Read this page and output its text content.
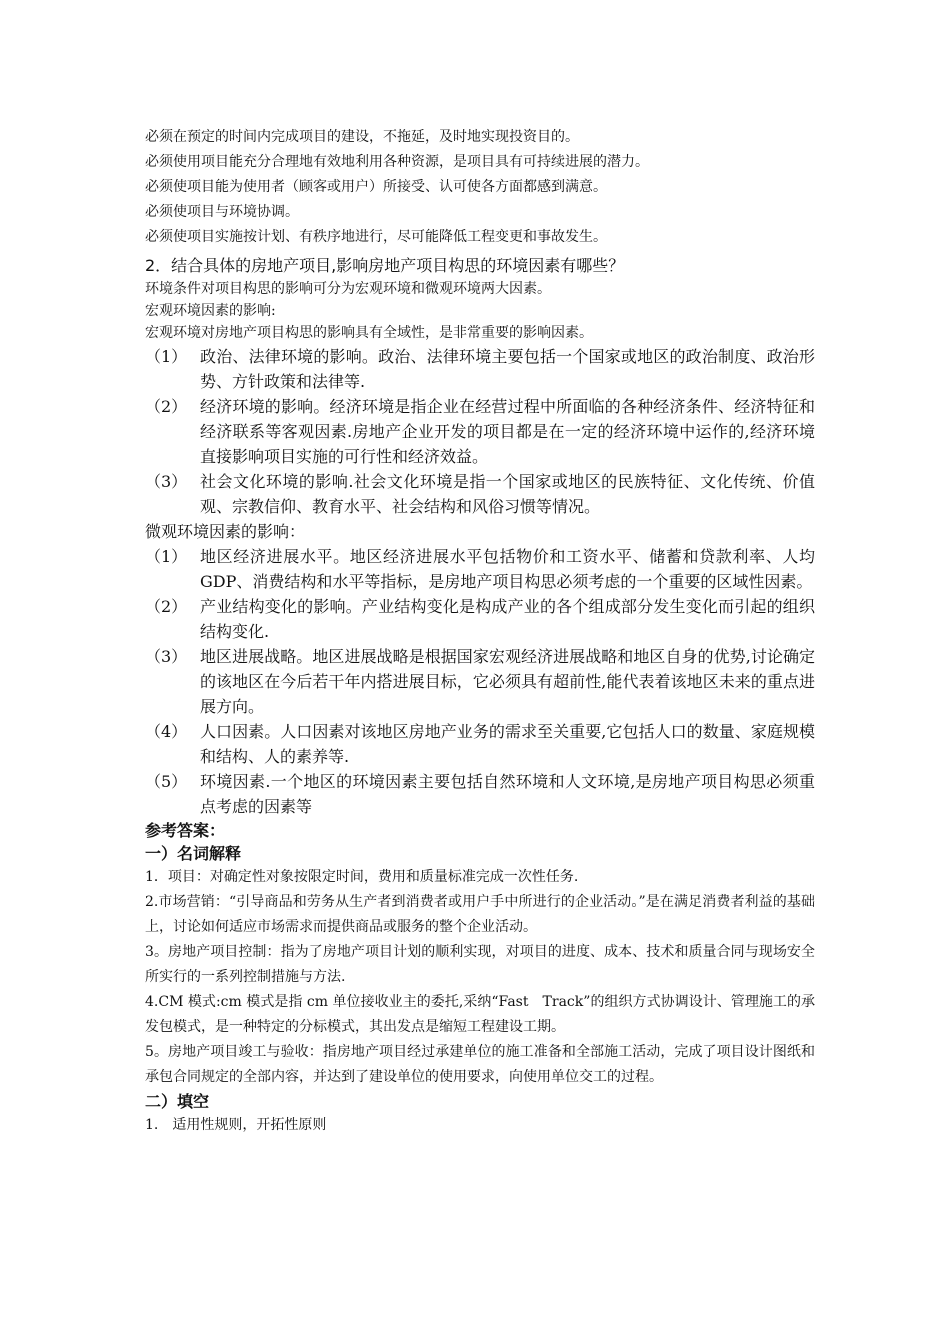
必须在预定的时间内完成项目的建设，不拖延，及时地实现投资目的。

必须使用项目能充分合理地有效地利用各种资源，是项目具有可持续进展的潜力。

必须使项目能为使用者（顾客或用户）所接受、认可使各方面都感到满意。

必须使项目与环境协调。

必须使项目实施按计划、有秩序地进行，尽可能降低工程变更和事故发生。

2．结合具体的房地产项目,影响房地产项目构思的环境因素有哪些？

环境条件对项目构思的影响可分为宏观环境和微观环境两大因素。

宏观环境因素的影响:

宏观环境对房地产项目构思的影响具有全域性，是非常重要的影响因素。

（1） 政治、法律环境的影响。政治、法律环境主要包括一个国家或地区的政治制度、政治形势、方针政策和法律等.
（2） 经济环境的影响。经济环境是指企业在经营过程中所面临的各种经济条件、经济特征和经济联系等客观因素.房地产企业开发的项目都是在一定的经济环境中运作的,经济环境直接影响项目实施的可行性和经济效益。
（3） 社会文化环境的影响.社会文化环境是指一个国家或地区的民族特征、文化传统、价值观、宗教信仰、教育水平、社会结构和风俗习惯等情况。

微观环境因素的影响：

（1） 地区经济进展水平。地区经济进展水平包括物价和工资水平、储蓄和贷款利率、人均 GDP、消费结构和水平等指标，是房地产项目构思必须考虑的一个重要的区域性因素。
（2） 产业结构变化的影响。产业结构变化是构成产业的各个组成部分发生变化而引起的组织结构变化.
（3） 地区进展战略。地区进展战略是根据国家宏观经济进展战略和地区自身的优势,讨论确定的该地区在今后若干年内搭进展目标，它必须具有超前性,能代表着该地区未来的重点进展方向。
（4） 人口因素。人口因素对该地区房地产业务的需求至关重要,它包括人口的数量、家庭规模和结构、人的素养等.
（5） 环境因素.一个地区的环境因素主要包括自然环境和人文环境,是房地产项目构思必须重点考虑的因素等
参考答案：
一）名词解释

1．项目：对确定性对象按限定时间，费用和质量标准完成一次性任务.

2.市场营销：“引导商品和劳务从生产者到消费者或用户手中所进行的企业活动。”是在满足消费者利益的基础上，讨论如何适应市场需求而提供商品或服务的整个企业活动。

3。房地产项目控制：指为了房地产项目计划的顺利实现，对项目的进度、成本、技术和质量合同与现场安全所实行的一系列控制措施与方法.

4.CM 模式:cm 模式是指 cm 单位接收业主的委托,采纳“Fast　Track”的组织方式协调设计、管理施工的承发包模式，是一种特定的分标模式，其出发点是缩短工程建设工期。

5。房地产项目竣工与验收：指房地产项目经过承建单位的施工准备和全部施工活动，完成了项目设计图纸和承包合同规定的全部内容，并达到了建设单位的使用要求，向使用单位交工的过程。

二）填空

1.　适用性规则，开拓性原则
